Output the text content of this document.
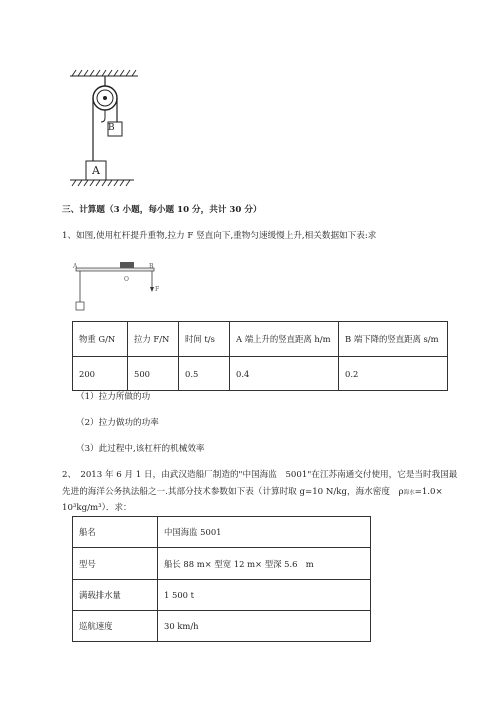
B
A
三、计算题（3 小题，每小题 10 分，共计 30 分）
1、如图,使用杠杆提升重物,拉力 F 竖直向下,重物匀速缓慢上升,相关数据如下表:求
A
O
B
F
物重 G/N	拉力 F/N	时间 t/s	A 端上升的竖直距离 h/m	B 端下降的竖直距离 s/m
200	500	0.5	0.4	0.2
（1）拉力所做的功
（2）拉力做功的功率
（3）此过程中,该杠杆的机械效率
2、　2013 年 6 月 1 日，由武汉造船厂制造的"中国海监　5001"在江苏南通交付使用，它是当时我国最
先进的海洋公务执法船之一.其部分技术参数如下表（计算时取 g=10 N/kg，海水密度　ρ海水=1.0×
10³kg/m³）．求：
船名	中国海监 5001
型号	船长 88 m× 型宽 12 m× 型深 5.6　m
满载排水量	1 500 t
巡航速度	30 km/h
